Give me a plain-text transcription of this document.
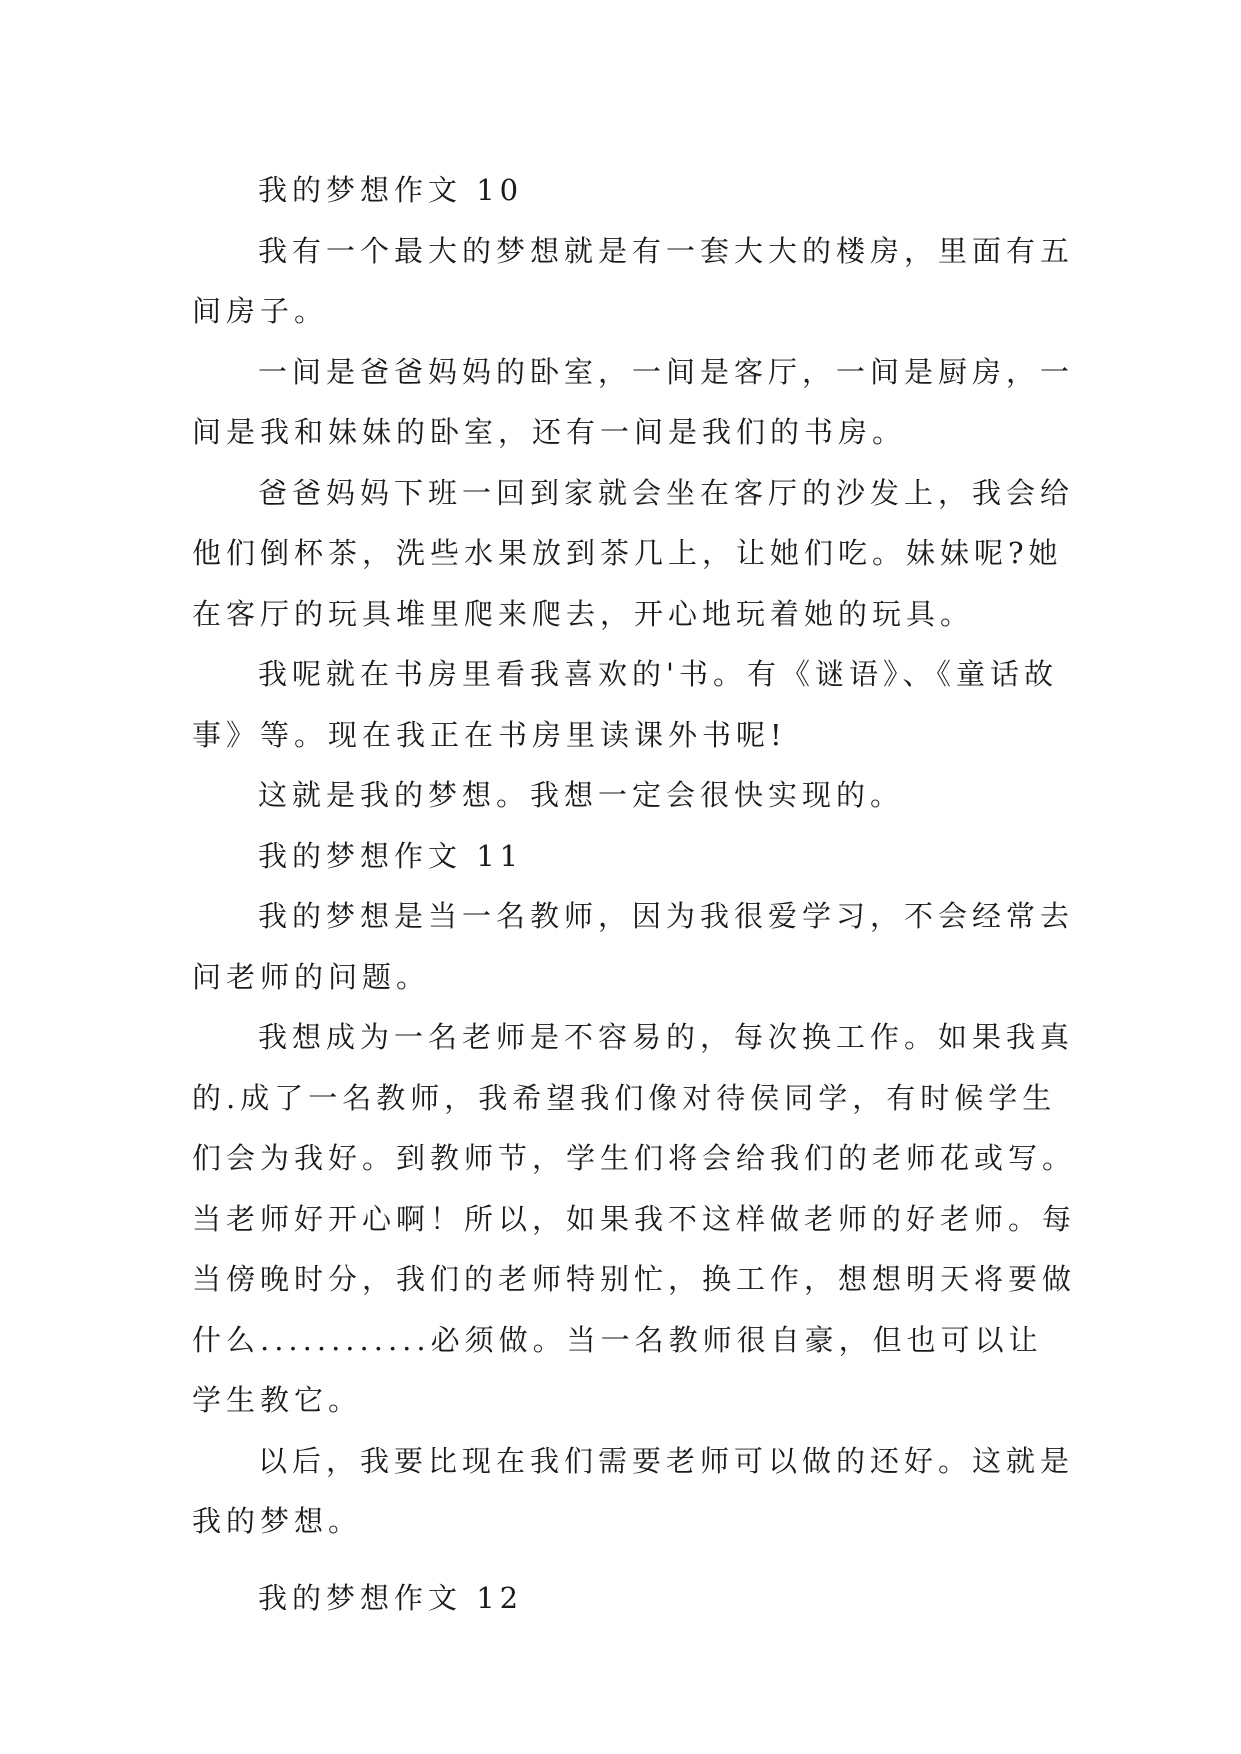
我的梦想作文 10
我有一个最大的梦想就是有一套大大的楼房，里面有五
间房子。
一间是爸爸妈妈的卧室，一间是客厅，一间是厨房，一
间是我和妹妹的卧室，还有一间是我们的书房。
爸爸妈妈下班一回到家就会坐在客厅的沙发上，我会给
他们倒杯茶，洗些水果放到茶几上，让她们吃。妹妹呢?她
在客厅的玩具堆里爬来爬去，开心地玩着她的玩具。
我呢就在书房里看我喜欢的'书。有《谜语》、《童话故
事》等。现在我正在书房里读课外书呢!
这就是我的梦想。我想一定会很快实现的。
我的梦想作文 11
我的梦想是当一名教师，因为我很爱学习，不会经常去
问老师的问题。
我想成为一名老师是不容易的，每次换工作。如果我真
的.成了一名教师，我希望我们像对待侯同学，有时候学生
们会为我好。到教师节，学生们将会给我们的老师花或写。
当老师好开心啊！所以，如果我不这样做老师的好老师。每
当傍晚时分，我们的老师特别忙，换工作，想想明天将要做
什么............必须做。当一名教师很自豪，但也可以让
学生教它。
以后，我要比现在我们需要老师可以做的还好。这就是
我的梦想。
我的梦想作文 12
